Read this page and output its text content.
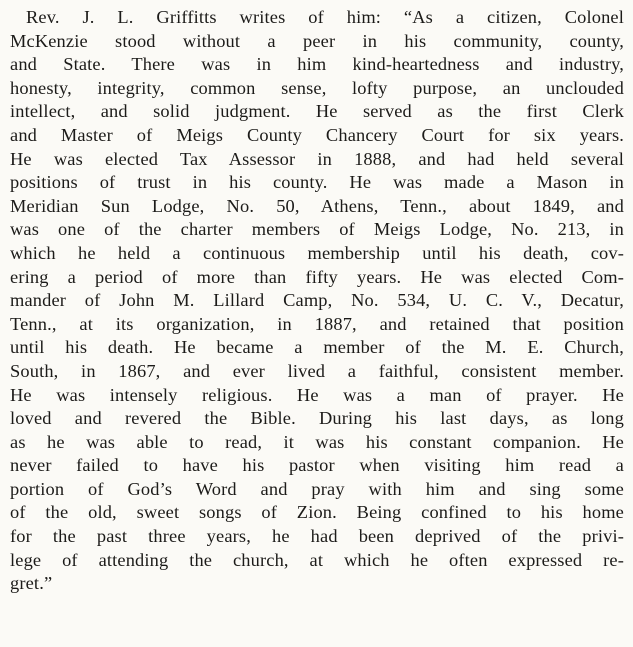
Rev. J. L. Griffitts writes of him: “As a citizen, Colonel
McKenzie stood without a peer in his community, county,
and State. There was in him kind-heartedness and industry,
honesty, integrity, common sense, lofty purpose, an unclouded
intellect, and solid judgment. He served as the first Clerk
and Master of Meigs County Chancery Court for six years.
He was elected Tax Assessor in 1888, and had held several
positions of trust in his county. He was made a Mason in
Meridian Sun Lodge, No. 50, Athens, Tenn., about 1849, and
was one of the charter members of Meigs Lodge, No. 213, in
which he held a continuous membership until his death, cov-
ering a period of more than fifty years. He was elected Com-
mander of John M. Lillard Camp, No. 534, U. C. V., Decatur,
Tenn., at its organization, in 1887, and retained that position
until his death. He became a member of the M. E. Church,
South, in 1867, and ever lived a faithful, consistent member.
He was intensely religious. He was a man of prayer. He
loved and revered the Bible. During his last days, as long
as he was able to read, it was his constant companion. He
never failed to have his pastor when visiting him read a
portion of God’s Word and pray with him and sing some
of the old, sweet songs of Zion. Being confined to his home
for the past three years, he had been deprived of the privi-
lege of attending the church, at which he often expressed re-
gret.”
